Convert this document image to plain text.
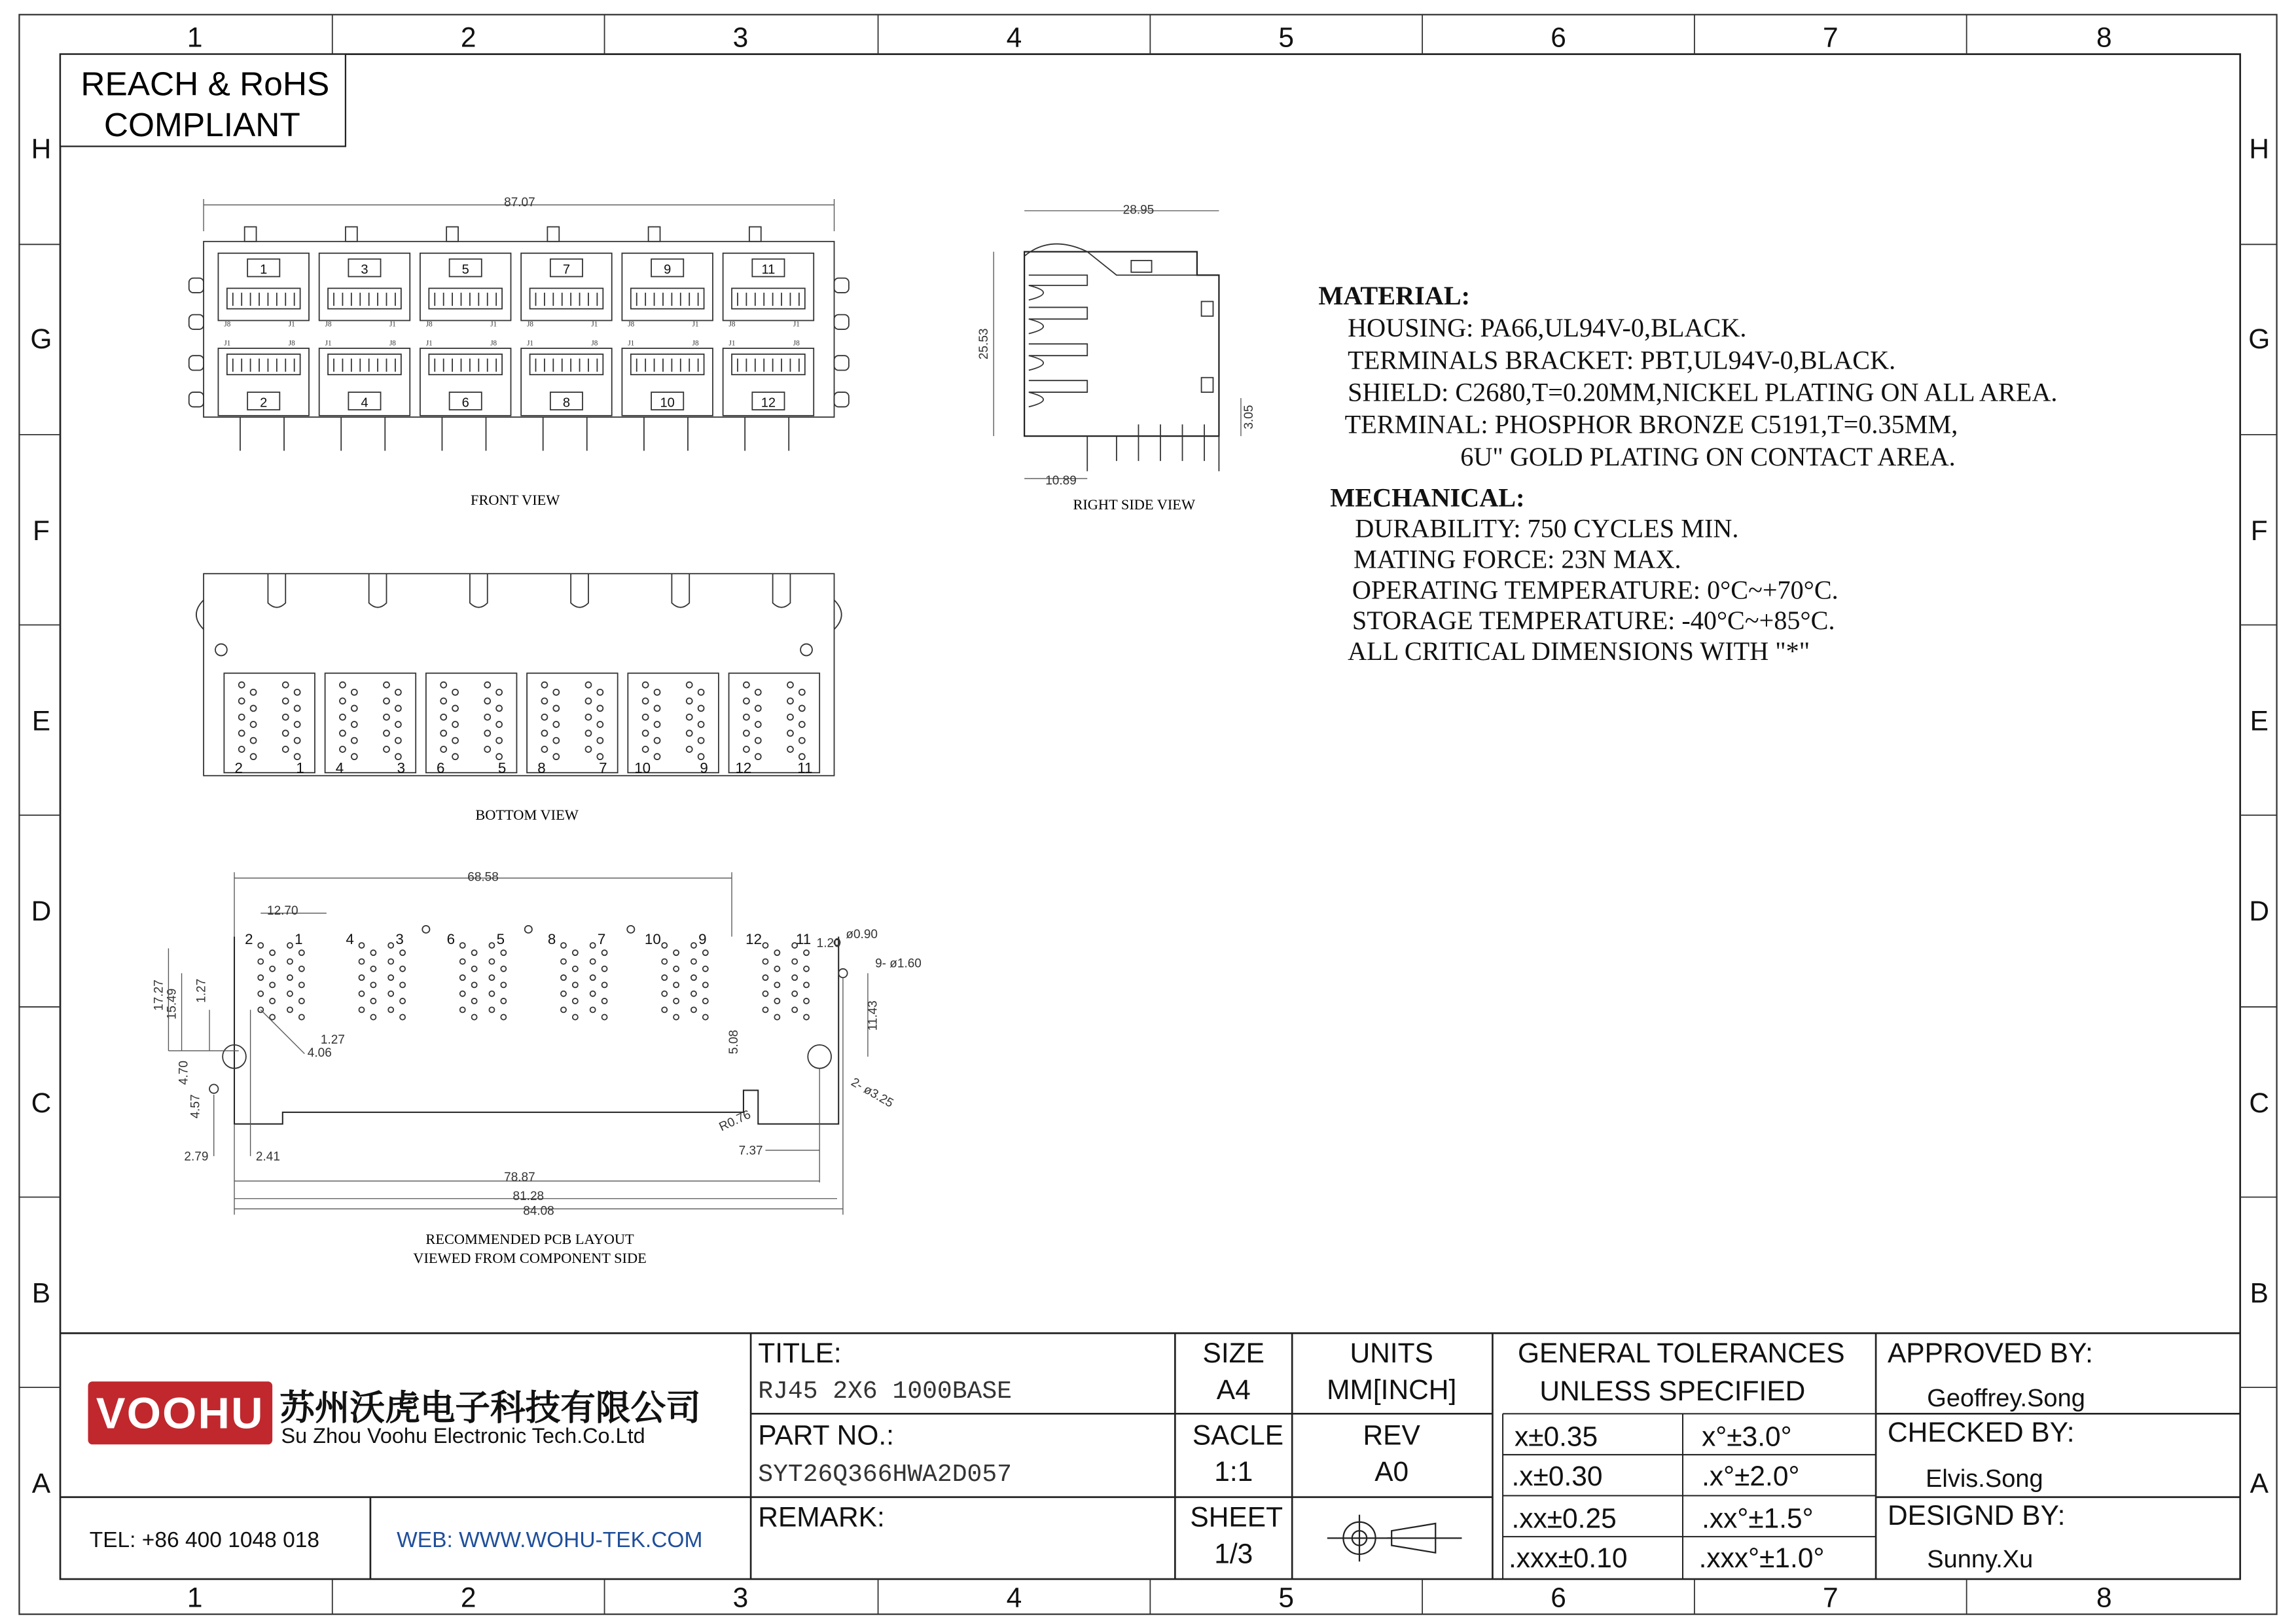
1	2	3	4	5	6	7	8
1	2	3	4	5	6	7	8
H
G
F
E
D
C
B
A
H
G
F
E
D
C
B
A
REACH & RoHS
COMPLIANT
87.07
1
J8	J1
2
J1	J8
3
J8	J1
4
J1	J8
5
J8	J1
6
J1	J8
7
J8	J1
8
J1	J8
9
J8	J1
10
J1	J8
11
J8	J1
12
J1	J8
FRONT VIEW
28.95
25.53
10.89
3.05
RIGHT SIDE VIEW
2	1	4	3	6	5	8	7	10	9	12	11
BOTTOM VIEW
68.58
12.70
2	1	4	3	6	5	8	7	10	9	12	11
17.27 15.49	1.27
4.70
4.57
1.27
4.06
2.79	2.41	7.37
78.87
81.28
84.08
5.08
11.43
1.20
ø0.90
9- ø1.60
2- ø3.25
R0.76
RECOMMENDED PCB LAYOUT
VIEWED FROM COMPONENT SIDE
MATERIAL:
HOUSING: PA66,UL94V-0,BLACK.
TERMINALS BRACKET: PBT,UL94V-0,BLACK.
SHIELD: C2680,T=0.20MM,NICKEL PLATING ON ALL AREA.
TERMINAL: PHOSPHOR BRONZE C5191,T=0.35MM,
6U" GOLD PLATING ON CONTACT AREA.
MECHANICAL:
DURABILITY: 750 CYCLES MIN.
MATING FORCE: 23N MAX.
OPERATING TEMPERATURE: 0°C~+70°C.
STORAGE TEMPERATURE: -40°C~+85°C.
ALL CRITICAL DIMENSIONS WITH "*"
VOOHU 苏州沃虎电子科技有限公司
Su Zhou Voohu Electronic Tech.Co.Ltd
TEL: +86 400 1048 018	WEB: WWW.WOHU-TEK.COM
TITLE:
RJ45 2X6 1000BASE
PART NO.:
SYT26Q366HWA2D057
REMARK:
SIZE
A4
UNITS
MM[INCH]
SACLE
1:1
REV
A0
SHEET
1/3
GENERAL TOLERANCES
UNLESS SPECIFIED
x±0.35	x°±3.0°
.x±0.30	.x°±2.0°
.xx±0.25	.xx°±1.5°
.xxx±0.10	.xxx°±1.0°
APPROVED BY:
Geoffrey.Song
CHECKED BY:
Elvis.Song
DESIGND BY:
Sunny.Xu
